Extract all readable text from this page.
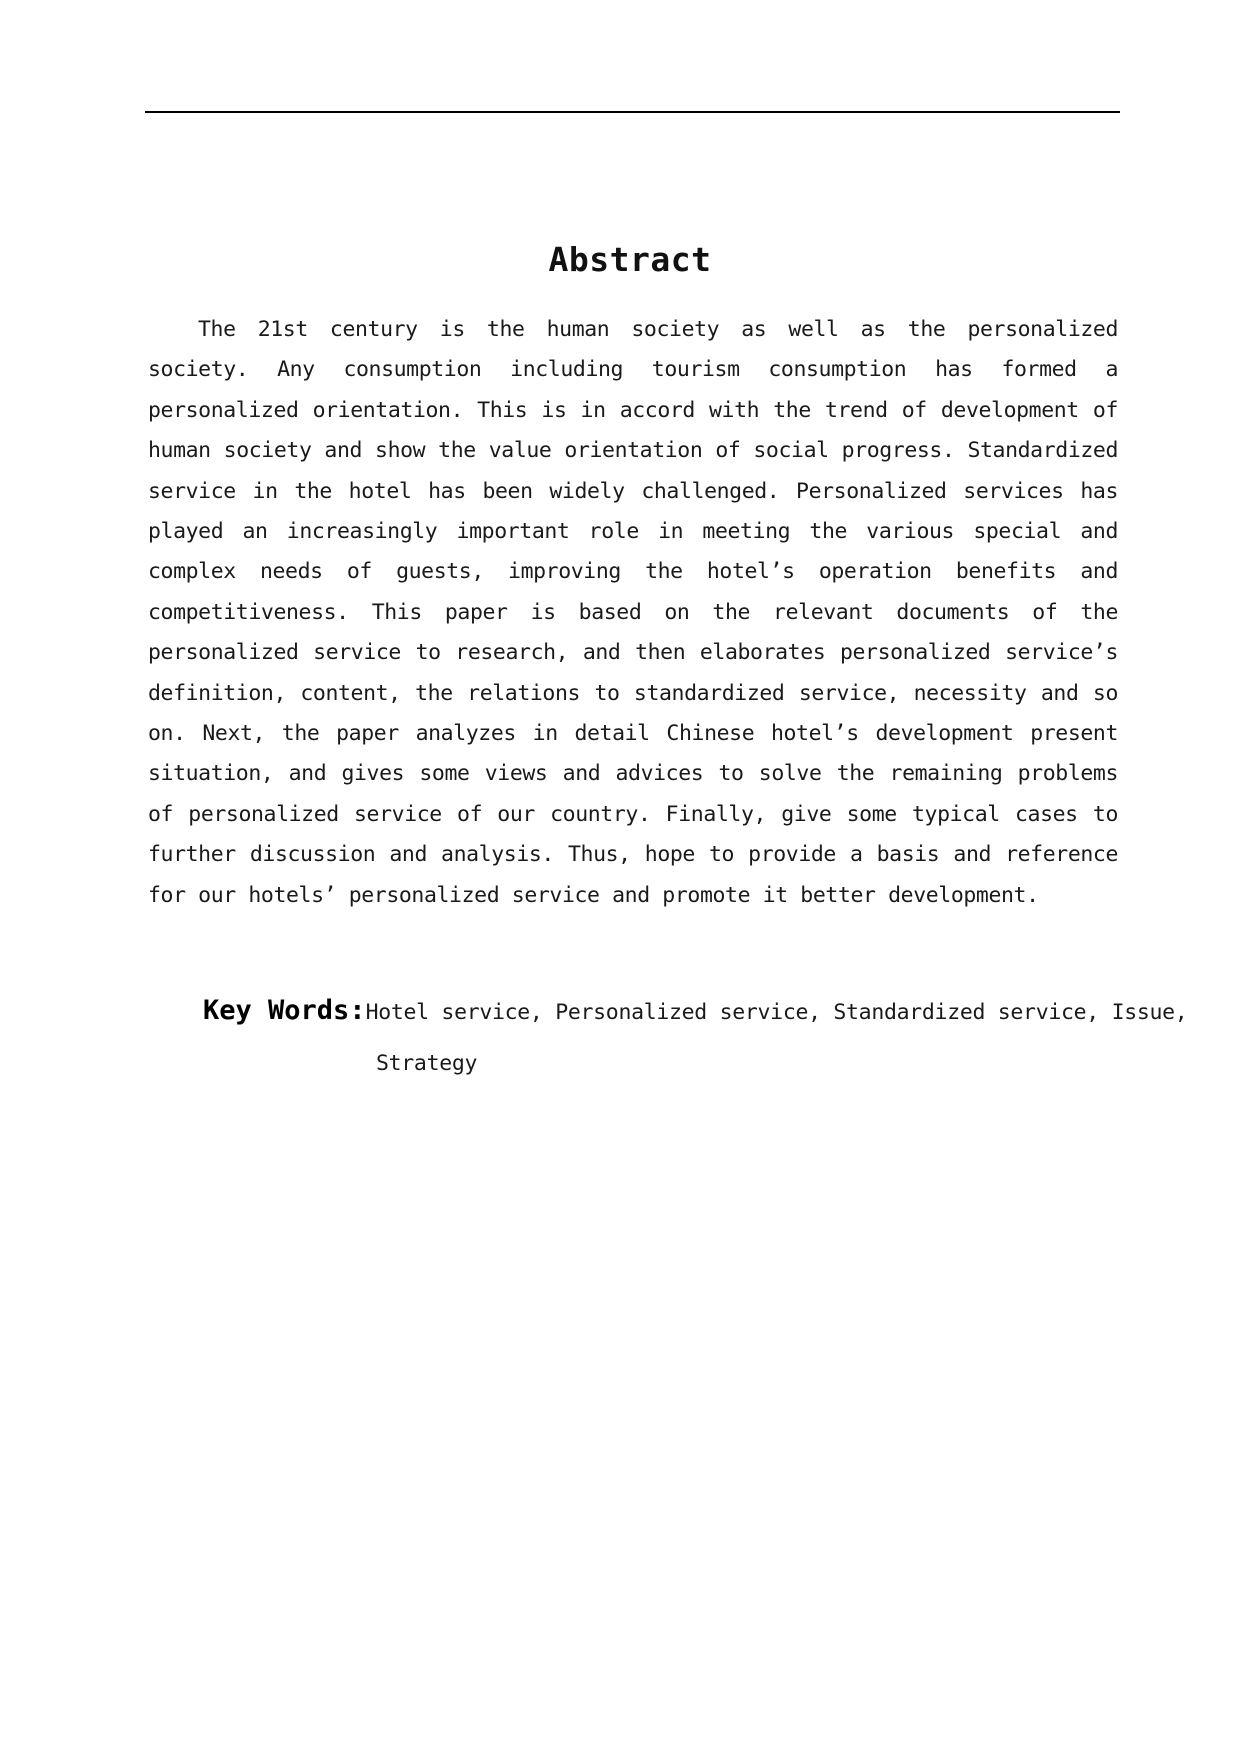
Abstract

The 21st century is the human society as well as the personalized society. Any consumption including tourism consumption has formed a personalized orientation. This is in accord with the trend of development of human society and show the value orientation of social progress. Standardized service in the hotel has been widely challenged. Personalized services has played an increasingly important role in meeting the various special and complex needs of guests, improving the hotel’s operation benefits and competitiveness. This paper is based on the relevant documents of the personalized service to research, and then elaborates personalized service’s definition, content, the relations to standardized service, necessity and so on. Next, the paper analyzes in detail Chinese hotel’s development present situation, and gives some views and advices to solve the remaining problems of personalized service of our country. Finally, give some typical cases to further discussion and analysis. Thus, hope to provide a basis and reference for our hotels’ personalized service and promote it better development.

Key Words:Hotel service, Personalized service, Standardized service, Issue,
Strategy
